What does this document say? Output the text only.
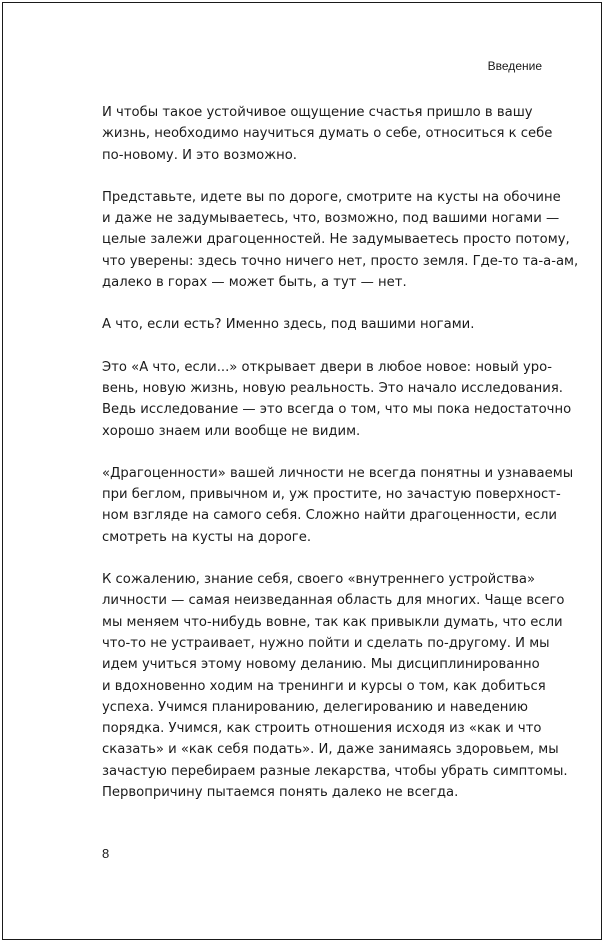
Введение

И чтобы такое устойчивое ощущение счастья пришло в вашу
жизнь, необходимо научиться думать о себе, относиться к себе
по-новому. И это возможно.

Представьте, идете вы по дороге, смотрите на кусты на обочине
и даже не задумываетесь, что, возможно, под вашими ногами —
целые залежи драгоценностей. Не задумываетесь просто потому,
что уверены: здесь точно ничего нет, просто земля. Где-то та-а-ам,
далеко в горах — может быть, а тут — нет.

А что, если есть? Именно здесь, под вашими ногами.

Это «А что, если...» открывает двери в любое новое: новый уро-
вень, новую жизнь, новую реальность. Это начало исследования.
Ведь исследование — это всегда о том, что мы пока недостаточно
хорошо знаем или вообще не видим.

«Драгоценности» вашей личности не всегда понятны и узнаваемы
при беглом, привычном и, уж простите, но зачастую поверхност-
ном взгляде на самого себя. Сложно найти драгоценности, если
смотреть на кусты на дороге.

К сожалению, знание себя, своего «внутреннего устройства»
личности — самая неизведанная область для многих. Чаще всего
мы меняем что-нибудь вовне, так как привыкли думать, что если
что-то не устраивает, нужно пойти и сделать по-другому. И мы
идем учиться этому новому деланию. Мы дисциплинированно
и вдохновенно ходим на тренинги и курсы о том, как добиться
успеха. Учимся планированию, делегированию и наведению
порядка. Учимся, как строить отношения исходя из «как и что
сказать» и «как себя подать». И, даже занимаясь здоровьем, мы
зачастую перебираем разные лекарства, чтобы убрать симптомы.
Первопричину пытаемся понять далеко не всегда.

8
